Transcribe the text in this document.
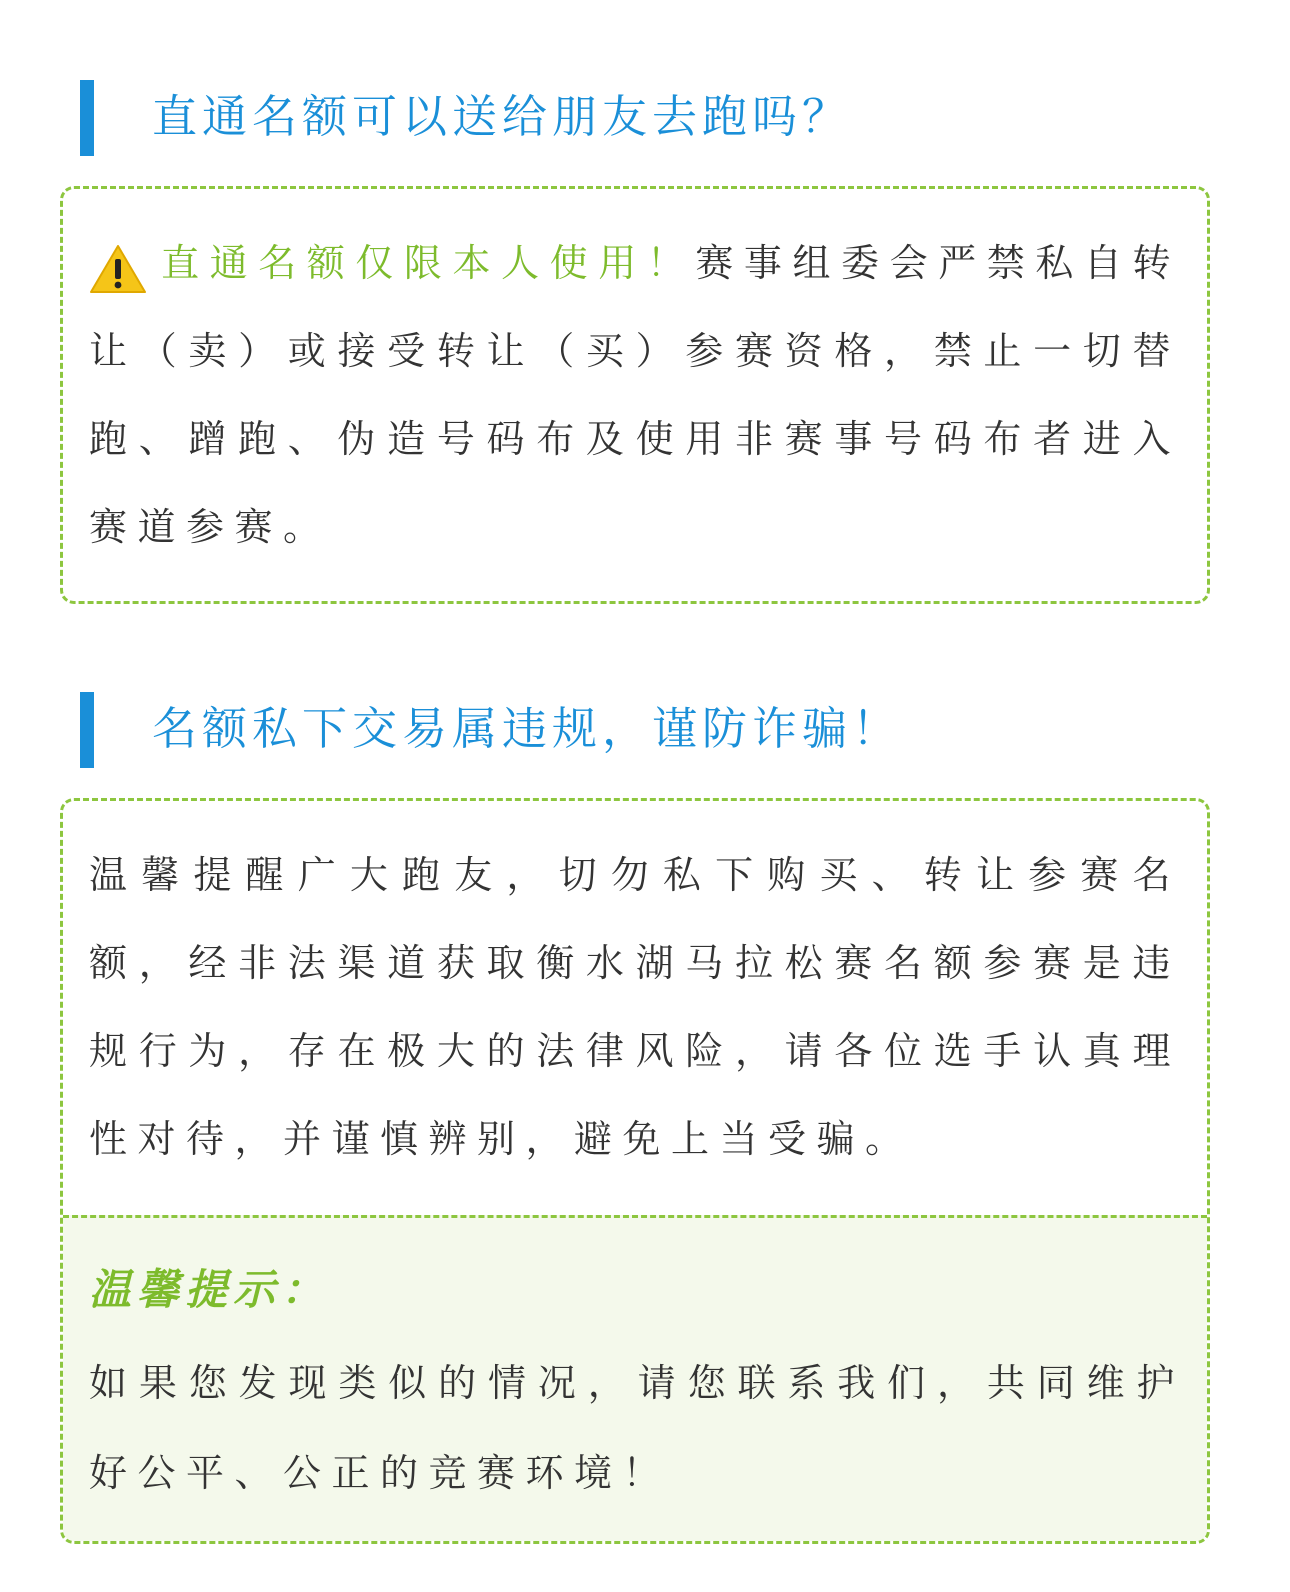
直通名额可以送给朋友去跑吗？
直通名额仅限本人使用！赛事组委会严禁私自转让（卖）或接受转让（买）参赛资格，禁止一切替跑、蹭跑、伪造号码布及使用非赛事号码布者进入赛道参赛。
名额私下交易属违规，谨防诈骗！
温馨提醒广大跑友，切勿私下购买、转让参赛名额，经非法渠道获取衡水湖马拉松赛名额参赛是违规行为，存在极大的法律风险，请各位选手认真理性对待，并谨慎辨别，避免上当受骗。
温馨提示：
如果您发现类似的情况，请您联系我们，共同维护好公平、公正的竞赛环境！
